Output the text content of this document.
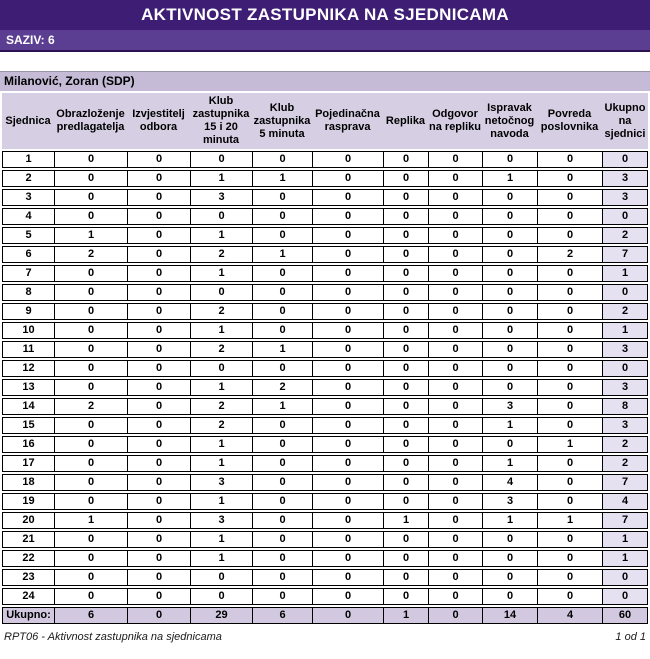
AKTIVNOST ZASTUPNIKA NA SJEDNICAMA
SAZIV: 6
Milanović, Zoran (SDP)
Sjednica	Obrazloženje predlagatelja	Izvjestitelj odbora	Klub zastupnika 15 i 20 minuta	Klub zastupnika 5 minuta	Pojedinačna rasprava	Replika	Odgovor na repliku	Ispravak netočnog navoda	Povreda poslovnika	Ukupno na sjednici
1	0	0	0	0	0	0	0	0	0	0
2	0	0	1	1	0	0	0	1	0	3
3	0	0	3	0	0	0	0	0	0	3
4	0	0	0	0	0	0	0	0	0	0
5	1	0	1	0	0	0	0	0	0	2
6	2	0	2	1	0	0	0	0	2	7
7	0	0	1	0	0	0	0	0	0	1
8	0	0	0	0	0	0	0	0	0	0
9	0	0	2	0	0	0	0	0	0	2
10	0	0	1	0	0	0	0	0	0	1
11	0	0	2	1	0	0	0	0	0	3
12	0	0	0	0	0	0	0	0	0	0
13	0	0	1	2	0	0	0	0	0	3
14	2	0	2	1	0	0	0	3	0	8
15	0	0	2	0	0	0	0	1	0	3
16	0	0	1	0	0	0	0	0	1	2
17	0	0	1	0	0	0	0	1	0	2
18	0	0	3	0	0	0	0	4	0	7
19	0	0	1	0	0	0	0	3	0	4
20	1	0	3	0	0	1	0	1	1	7
21	0	0	1	0	0	0	0	0	0	1
22	0	0	1	0	0	0	0	0	0	1
23	0	0	0	0	0	0	0	0	0	0
24	0	0	0	0	0	0	0	0	0	0
Ukupno:	6	0	29	6	0	1	0	14	4	60
RPT06 - Aktivnost zastupnika na sjednicama	1 od 1
